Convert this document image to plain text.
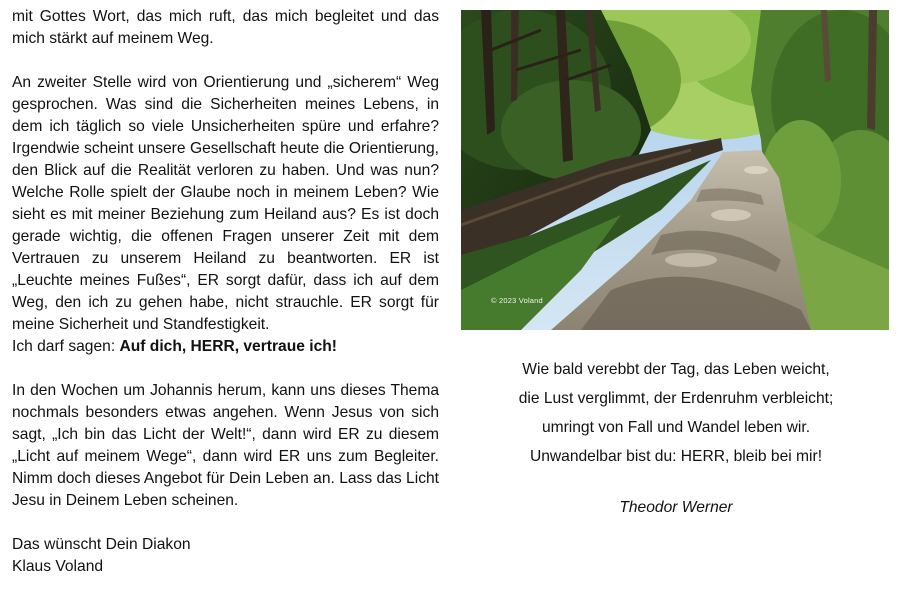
mit Gottes Wort, das mich ruft, das mich begleitet und das mich stärkt auf meinem Weg.

An zweiter Stelle wird von Orientierung und „sicherem“ Weg gesprochen. Was sind die Sicherheiten meines Lebens, in dem ich täglich so viele Unsicherheiten spüre und erfahre? Irgendwie scheint unsere Gesellschaft heute die Orientierung, den Blick auf die Realität verloren zu haben. Und was nun? Welche Rolle spielt der Glaube noch in meinem Leben? Wie sieht es mit meiner Beziehung zum Heiland aus? Es ist doch gerade wichtig, die offenen Fragen unserer Zeit mit dem Vertrauen zu unserem Heiland zu beantworten. ER ist „Leuchte meines Fußes“, ER sorgt dafür, dass ich auf dem Weg, den ich zu gehen habe, nicht strauchle. ER sorgt für meine Sicherheit und Standfestigkeit.

Ich darf sagen: Auf dich, HERR, vertraue ich!

In den Wochen um Johannis herum, kann uns dieses Thema nochmals besonders etwas angehen. Wenn Jesus von sich sagt, „Ich bin das Licht der Welt!“, dann wird ER zu diesem „Licht auf meinem Wege“, dann wird ER uns zum Begleiter. Nimm doch dieses Angebot für Dein Leben an. Lass das Licht Jesu in Deinem Leben scheinen.

Das wünscht Dein Diakon

Klaus Voland

© 2023 Voland
Wie bald verebbt der Tag, das Leben weicht,
die Lust verglimmt, der Erdenruhm verbleicht;
umringt von Fall und Wandel leben wir.
Unwandelbar bist du: HERR, bleib bei mir!
Theodor Werner
